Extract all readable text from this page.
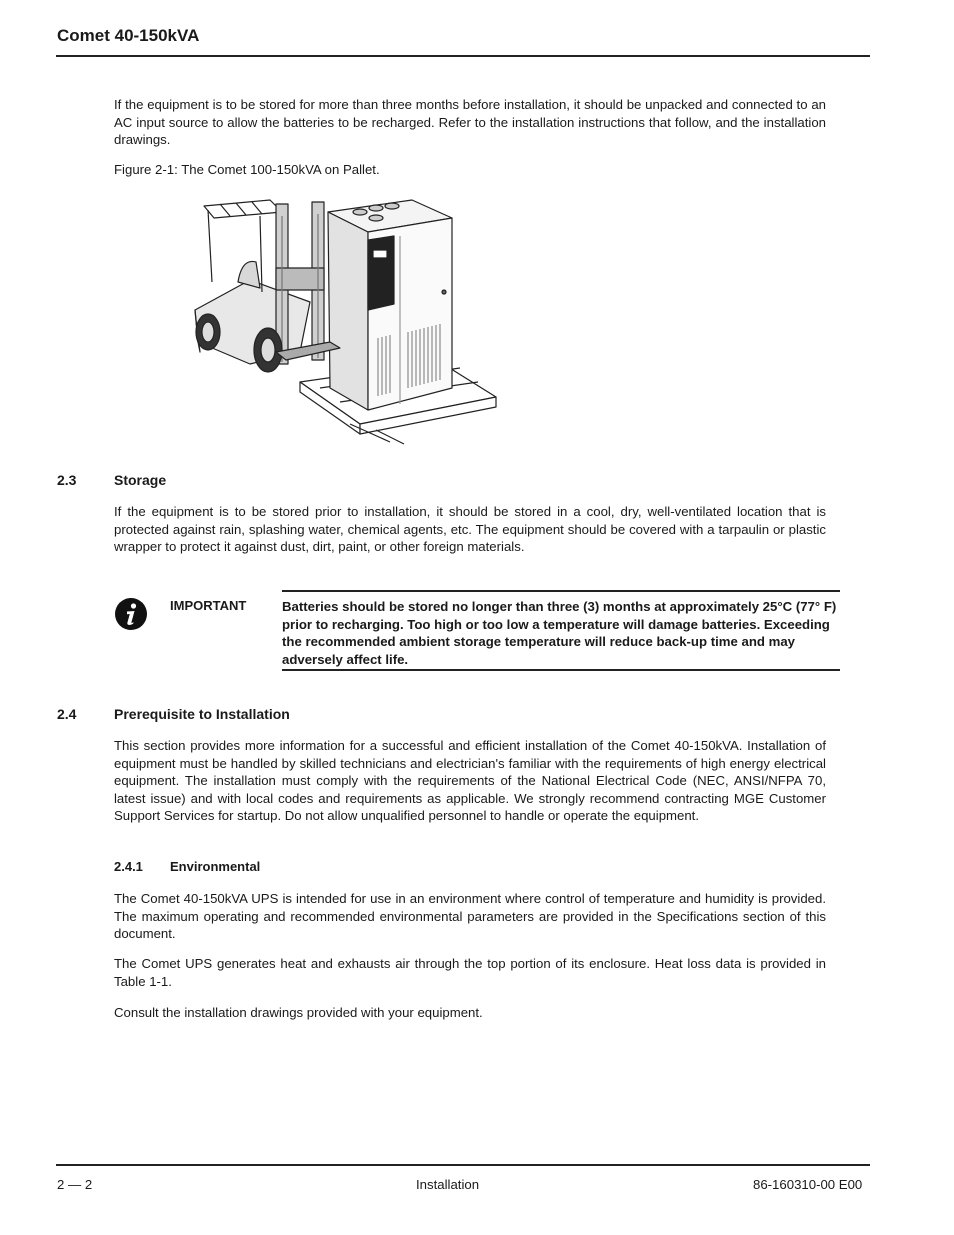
Comet 40-150kVA

If the equipment is to be stored for more than three months before installation, it should be unpacked and connected to an AC input source to allow the batteries to be recharged. Refer to the installation instructions that follow, and the installation drawings.

Figure 2-1: The Comet 100-150kVA on Pallet.
2.3	Storage

If the equipment is to be stored prior to installation, it should be stored in a cool, dry, well-ventilated location that is protected against rain, splashing water, chemical agents, etc. The equipment should be covered with a tarpaulin or plastic wrapper to protect it against dust, dirt, paint, or other foreign materials.

IMPORTANT	Batteries should be stored no longer than three (3) months at approximately 25°C (77° F) prior to recharging. Too high or too low a temperature will damage batteries. Exceeding the recommended ambient storage temperature will reduce back-up time and may adversely affect life.

2.4	Prerequisite to Installation

This section provides more information for a successful and efficient installation of the Comet 40-150kVA. Installation of equipment must be handled by skilled technicians and electrician's familiar with the requirements of high energy electrical equipment. The installation must comply with the requirements of the National Electrical Code (NEC, ANSI/NFPA 70, latest issue) and with local codes and requirements as applicable. We strongly recommend contracting MGE Customer Support Services for startup. Do not allow unqualified personnel to handle or operate the equipment.

2.4.1 Environmental

The Comet 40-150kVA UPS is intended for use in an environment where control of temperature and humidity is provided. The maximum operating and recommended environmental parameters are provided in the Specifications section of this document.

The Comet UPS generates heat and exhausts air through the top portion of its enclosure. Heat loss data is provided in Table 1-1.

Consult the installation drawings provided with your equipment.

2 — 2	Installation	86-160310-00 E00
